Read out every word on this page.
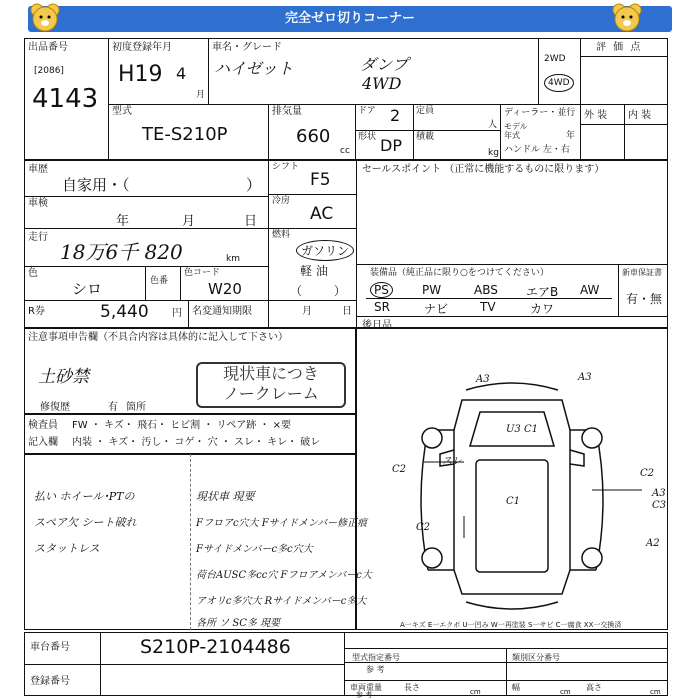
完全ゼロ切りコーナー
出品番号
[2086]
4143
初度登録年月
H19 4
月
車名・グレード
ハイゼット	ダンプ
4WD
2WD
4WD
評 価 点
外 装 内 装
型式
TE-S210P
排気量
660
cc
ドア 2 定員
人
形状 DP 積載
kg
ディーラー・並行
モデル
年式	年
ハンドル 左・右
車歴
自家用・（	）
車検
年	月	日
走行
18万6千 820	km
色
シロ	色番
色コード
W20
R券	5,440 円 名変通知期限	月	日
シフト
F5
冷房
AC
燃料
ガソリン
軽 油
（ ）
セールスポイント （正常に機能するものに限ります）
装備品（純正品に限り○をつけてください）	新車保証書
有・無
PS	PW	ABS エアB AW
SR	ナビ	TV	カワ
後日品
注意事項申告欄（不具合内容は具体的に記入して下さい）
土砂禁	現状車につき
ノークレーム
修復歴	有 箇所
検査員
記入欄
FW ・ キズ・ 飛石・ ヒビ割 ・ リペア跡 ・ ×要
内装 ・ キズ・ 汚し・ コゲ・ 穴 ・ スレ・ キレ・ 破レ
払い ホイール･PTの
スペア欠 シート破れ
スタットレス
現状車 現要
Fフロアc穴大 Fサイドメンバー修正痕
Fサイドメンバーc多c穴大
荷台AUSC多cc穴 Fフロアメンバーc大
アオリc多穴大 Rサイドメンバーc多大
各所 ソ SC多 現要
A3	A3
U3 C1
C2
スレ
C1
C2
A3
C3
C2
A2
A一キズ E一エクボ U一凹み W一再塗装 S一サビ C一腐食 XX一交換済
車台番号	S210P-2104486
登録番号
型式指定番号	類別区分番号
参 考
車両重量
参 考
長さ	cm	幅	cm 高さ	cm
